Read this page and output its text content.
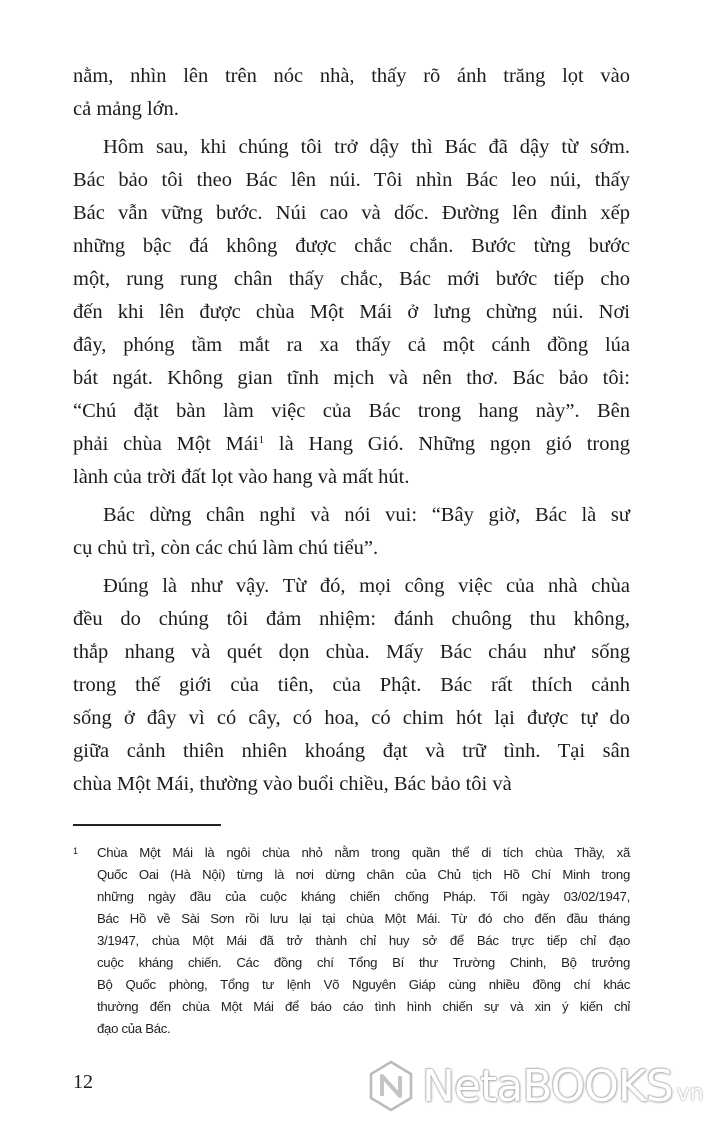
nằm, nhìn lên trên nóc nhà, thấy rõ ánh trăng lọt vào
cả mảng lớn.
Hôm sau, khi chúng tôi trở dậy thì Bác đã dậy từ sớm.
Bác bảo tôi theo Bác lên núi. Tôi nhìn Bác leo núi, thấy
Bác vẫn vững bước. Núi cao và dốc. Đường lên đỉnh xếp
những bậc đá không được chắc chắn. Bước từng bước
một, rung rung chân thấy chắc, Bác mới bước tiếp cho
đến khi lên được chùa Một Mái ở lưng chừng núi. Nơi
đây, phóng tầm mắt ra xa thấy cả một cánh đồng lúa
bát ngát. Không gian tĩnh mịch và nên thơ. Bác bảo tôi:
“Chú đặt bàn làm việc của Bác trong hang này”. Bên
phải chùa Một Mái$^1$ là Hang Gió. Những ngọn gió trong
lành của trời đất lọt vào hang và mất hút.
Bác dừng chân nghỉ và nói vui: “Bây giờ, Bác là sư
cụ chủ trì, còn các chú làm chú tiểu”.
Đúng là như vậy. Từ đó, mọi công việc của nhà chùa
đều do chúng tôi đảm nhiệm: đánh chuông thu không,
thắp nhang và quét dọn chùa. Mấy Bác cháu như sống
trong thế giới của tiên, của Phật. Bác rất thích cảnh
sống ở đây vì có cây, có hoa, có chim hót lại được tự do
giữa cảnh thiên nhiên khoáng đạt và trữ tình. Tại sân
chùa Một Mái, thường vào buổi chiều, Bác bảo tôi và
1 Chùa Một Mái là ngôi chùa nhỏ nằm trong quần thể di tích chùa Thầy, xã
Quốc Oai (Hà Nội) từng là nơi dừng chân của Chủ tịch Hồ Chí Minh trong
những ngày đầu của cuộc kháng chiến chống Pháp. Tối ngày 03/02/1947,
Bác Hồ về Sài Sơn rồi lưu lại tại chùa Một Mái. Từ đó cho đến đầu tháng
3/1947, chùa Một Mái đã trở thành chỉ huy sở để Bác trực tiếp chỉ đạo
cuộc kháng chiến. Các đồng chí Tổng Bí thư Trường Chinh, Bộ trưởng
Bộ Quốc phòng, Tổng tư lệnh Võ Nguyên Giáp cùng nhiều đồng chí khác
thường đến chùa Một Mái để báo cáo tình hình chiến sự và xin ý kiến chỉ
đạo của Bác.
12	NetaBOOKS vn
